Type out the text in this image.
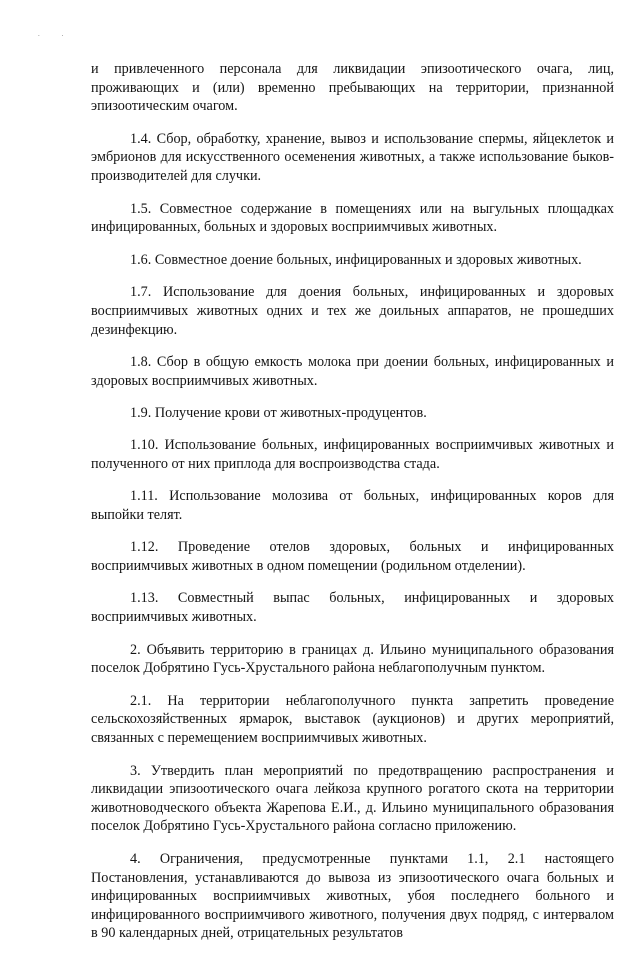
. .

и привлеченного персонала для ликвидации эпизоотического очага, лиц, проживающих и (или) временно пребывающих на территории, признанной эпизоотическим очагом.

1.4. Сбор, обработку, хранение, вывоз и использование спермы, яйцеклеток и эмбрионов для искусственного осеменения животных, а также использование быков-производителей для случки.

1.5. Совместное содержание в помещениях или на выгульных площадках инфицированных, больных и здоровых восприимчивых животных.

1.6. Совместное доение больных, инфицированных и здоровых животных.

1.7. Использование для доения больных, инфицированных и здоровых восприимчивых животных одних и тех же доильных аппаратов, не прошедших дезинфекцию.

1.8. Сбор в общую емкость молока при доении больных, инфицированных и здоровых восприимчивых животных.

1.9. Получение крови от животных-продуцентов.

1.10. Использование больных, инфицированных восприимчивых животных и полученного от них приплода для воспроизводства стада.

1.11. Использование молозива от больных, инфицированных коров для выпойки телят.

1.12. Проведение отелов здоровых, больных и инфицированных восприимчивых животных в одном помещении (родильном отделении).

1.13. Совместный выпас больных, инфицированных и здоровых восприимчивых животных.

2. Объявить территорию в границах д. Ильино муниципального образования поселок Добрятино Гусь-Хрустального района неблагополучным пунктом.

2.1. На территории неблагополучного пункта запретить проведение сельскохозяйственных ярмарок, выставок (аукционов) и других мероприятий, связанных с перемещением восприимчивых животных.

3. Утвердить план мероприятий по предотвращению распространения и ликвидации эпизоотического очага лейкоза крупного рогатого скота на территории животноводческого объекта Жарепова Е.И., д. Ильино муниципального образования поселок Добрятино Гусь-Хрустального района согласно приложению.

4. Ограничения, предусмотренные пунктами 1.1, 2.1 настоящего Постановления, устанавливаются до вывоза из эпизоотического очага больных и инфицированных восприимчивых животных, убоя последнего больного и инфицированного восприимчивого животного, получения двух подряд, с интервалом в 90 календарных дней, отрицательных результатов
